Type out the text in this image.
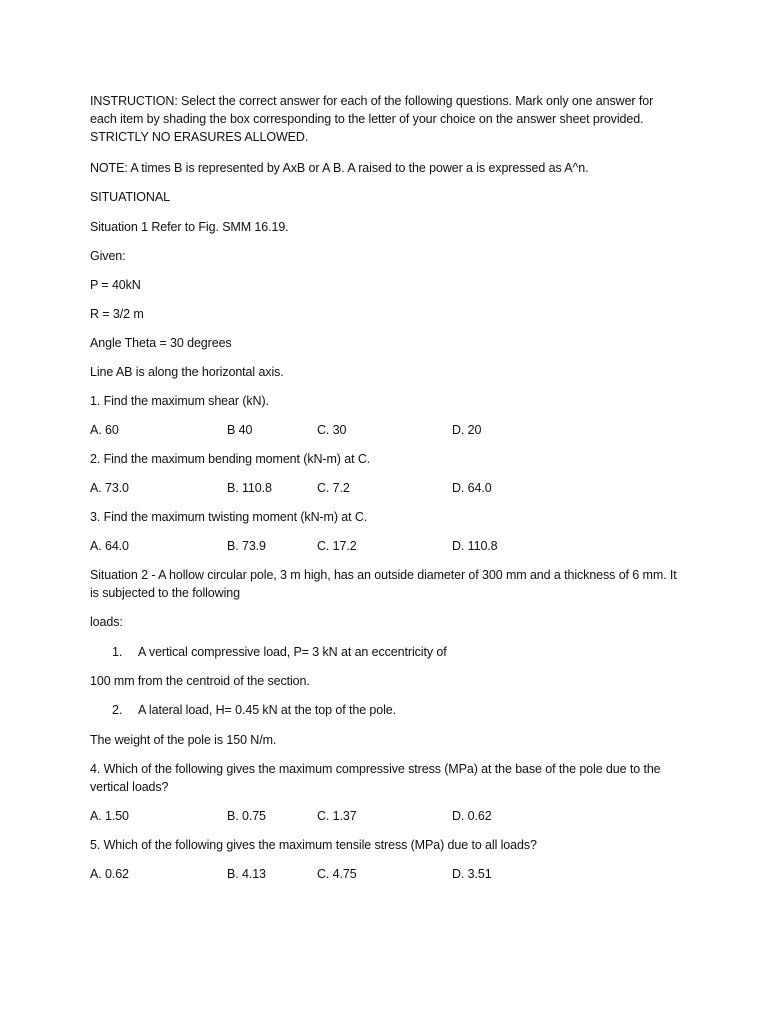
INSTRUCTION: Select the correct answer for each of the following questions. Mark only one answer for each item by shading the box corresponding to the letter of your choice on the answer sheet provided. STRICTLY NO ERASURES ALLOWED.
NOTE: A times B is represented by AxB or A B. A raised to the power a is expressed as A^n.
SITUATIONAL
Situation 1 Refer to Fig. SMM 16.19.
Given:
P = 40kN
R = 3/2 m
Angle Theta = 30 degrees
Line AB is along the horizontal axis.
1. Find the maximum shear (kN).
A. 60	B 40	C. 30	D. 20
2. Find the maximum bending moment (kN-m) at C.
A. 73.0	B. 110.8	C. 7.2	D. 64.0
3. Find the maximum twisting moment (kN-m) at C.
A. 64.0	B. 73.9	C. 17.2	D. 110.8
Situation 2 - A hollow circular pole, 3 m high, has an outside diameter of 300 mm and a thickness of 6 mm. It is subjected to the following
loads:
1. A vertical compressive load, P= 3 kN at an eccentricity of
100 mm from the centroid of the section.
2. A lateral load, H= 0.45 kN at the top of the pole.
The weight of the pole is 150 N/m.
4. Which of the following gives the maximum compressive stress (MPa) at the base of the pole due to the vertical loads?
A. 1.50	B. 0.75	C. 1.37	D. 0.62
5. Which of the following gives the maximum tensile stress (MPa) due to all loads?
A. 0.62	B. 4.13	C. 4.75	D. 3.51
